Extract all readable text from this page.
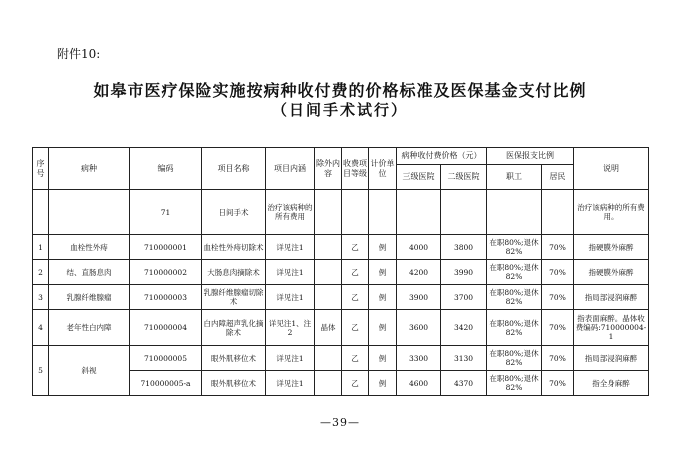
附件10:
如皋市医疗保险实施按病种收付费的价格标准及医保基金支付比例
（日间手术试行）
序号	病种	编码	项目名称	项目内涵	除外内容	收费项目等级	计价单位	病种收付费价格（元）		医保报支比例		说明
								三级医院	二级医院	职工	居民	
		71	日间手术	治疗该病种的所有费用								治疗该病种的所有费用。
1	血栓性外痔	710000001	血栓性外痔切除术	详见注1		乙	例	4000	3800	在职80%;退休82%	70%	指硬膜外麻醉
2	结、直肠息肉	710000002	大肠息肉摘除术	详见注1		乙	例	4200	3990	在职80%;退休82%	70%	指硬膜外麻醉
3	乳腺纤维腺瘤	710000003	乳腺纤维腺瘤切除术	详见注1		乙	例	3900	3700	在职80%;退休82%	70%	指局部浸润麻醉
4	老年性白内障	710000004	白内障超声乳化摘除术	详见注1、注2	晶体	乙	例	3600	3420	在职80%;退休82%	70%	指表面麻醉。晶体收费编码:710000004-1
5	斜视	710000005	眼外肌移位术	详见注1		乙	例	3300	3130	在职80%;退休82%	70%	指局部浸润麻醉
		710000005-a	眼外肌移位术	详见注1		乙	例	4600	4370	在职80%;退休82%	70%	指全身麻醉
—39—
